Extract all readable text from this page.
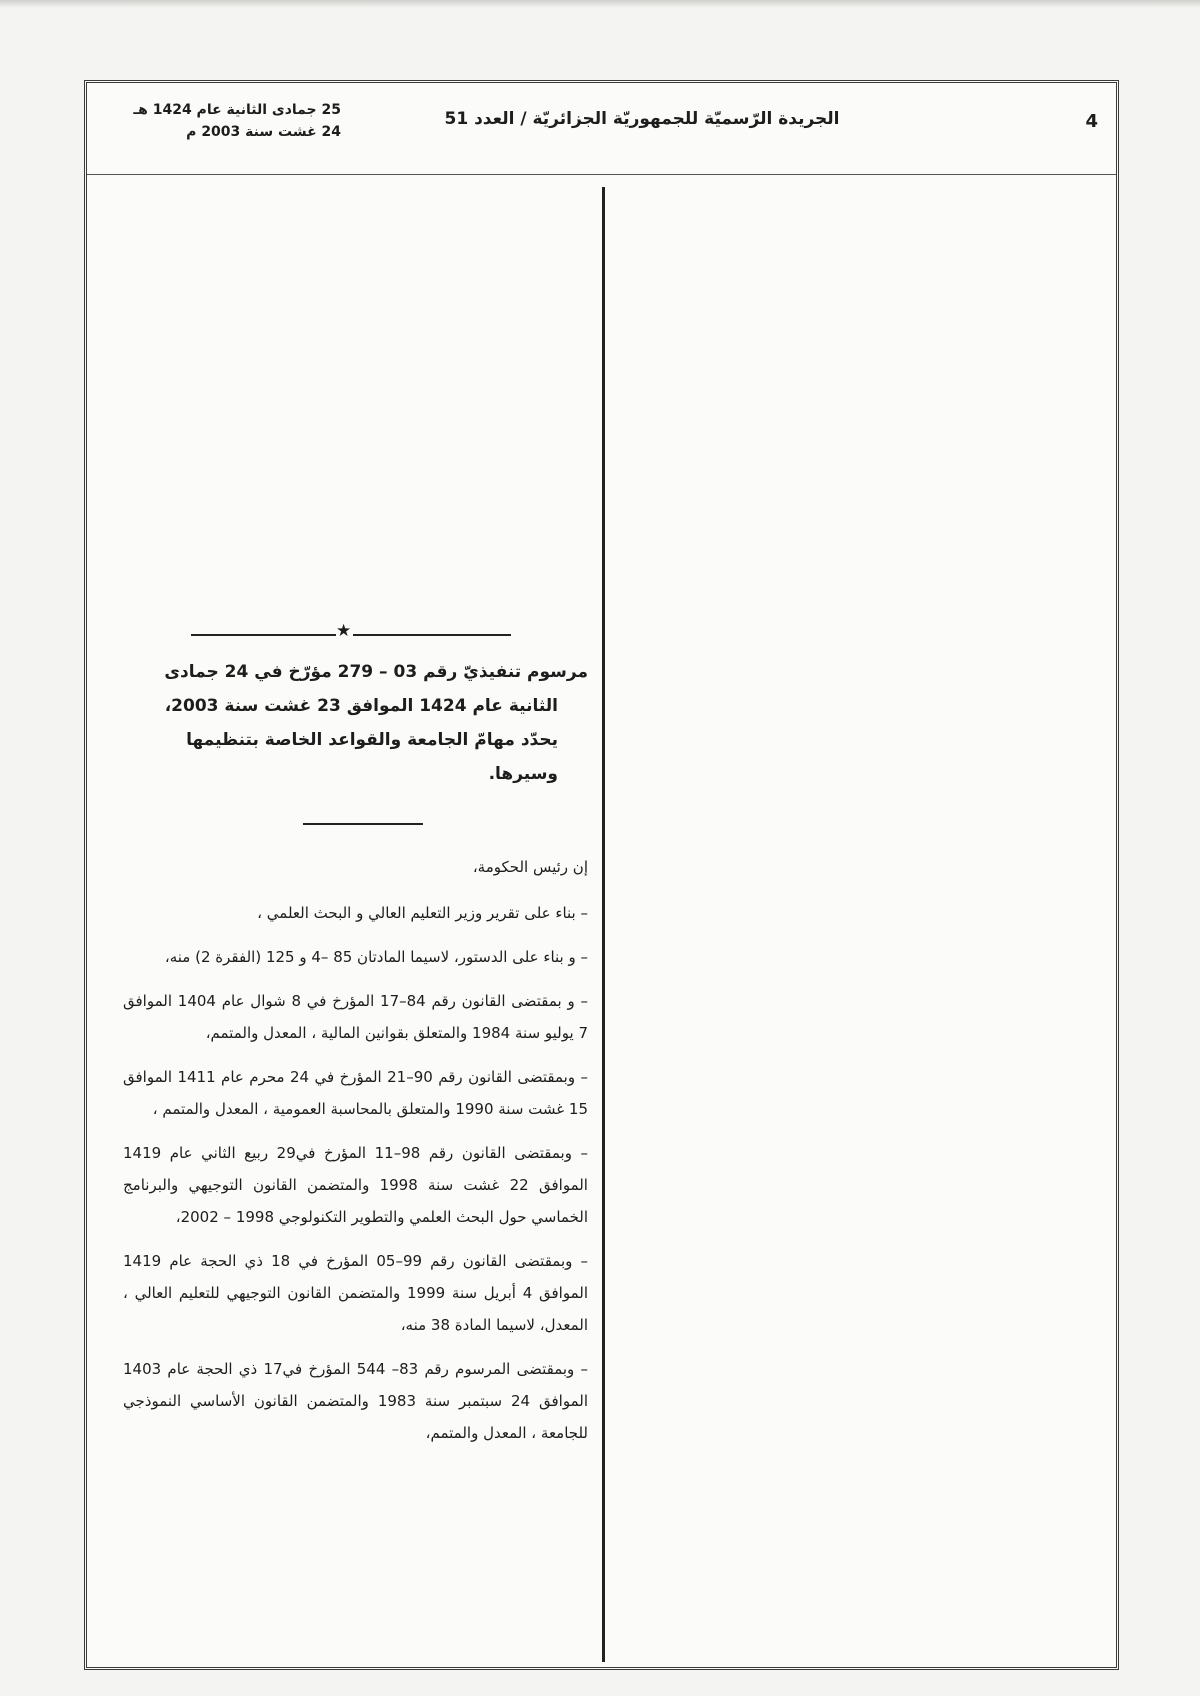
4
الجريدة الرّسميّة للجمهوريّة الجزائريّة / العدد 51
25 جمادى الثانية عام 1424 هـ
24 غشت سنة 2003 م
★
مرسوم تنفيذيّ رقم 03 – 279 مؤرّخ في 24 جمادى
الثانية عام 1424 الموافق 23 غشت سنة 2003،
يحدّد مهامّ الجامعة والقواعد الخاصة بتنظيمها
وسيرها.

إن رئيس الحكومة،

– بناء على تقرير وزير التعليم العالي و البحث العلمي ،

– و بناء على الدستور، لاسيما المادتان 85 –4 و 125 (الفقرة 2) منه،

– و بمقتضى القانون رقم 84–17 المؤرخ في 8 شوال عام 1404 الموافق 7 يوليو سنة 1984 والمتعلق بقوانين المالية ، المعدل والمتمم،

– وبمقتضى القانون رقم 90–21 المؤرخ في 24 محرم عام 1411 الموافق 15 غشت سنة 1990 والمتعلق بالمحاسبة العمومية ، المعدل والمتمم ،

– وبمقتضى القانون رقم 98–11 المؤرخ في29 ربيع الثاني عام 1419 الموافق 22 غشت سنة 1998 والمتضمن القانون التوجيهي والبرنامج الخماسي حول البحث العلمي والتطوير التكنولوجي 1998 – 2002،

– وبمقتضى القانون رقم 99–05 المؤرخ في 18 ذي الحجة عام 1419 الموافق 4 أبريل سنة 1999 والمتضمن القانون التوجيهي للتعليم العالي ، المعدل، لاسيما المادة 38 منه،

– وبمقتضى المرسوم رقم 83– 544 المؤرخ في17 ذي الحجة عام 1403 الموافق 24 سبتمبر سنة 1983 والمتضمن القانون الأساسي النموذجي للجامعة ، المعدل والمتمم،
